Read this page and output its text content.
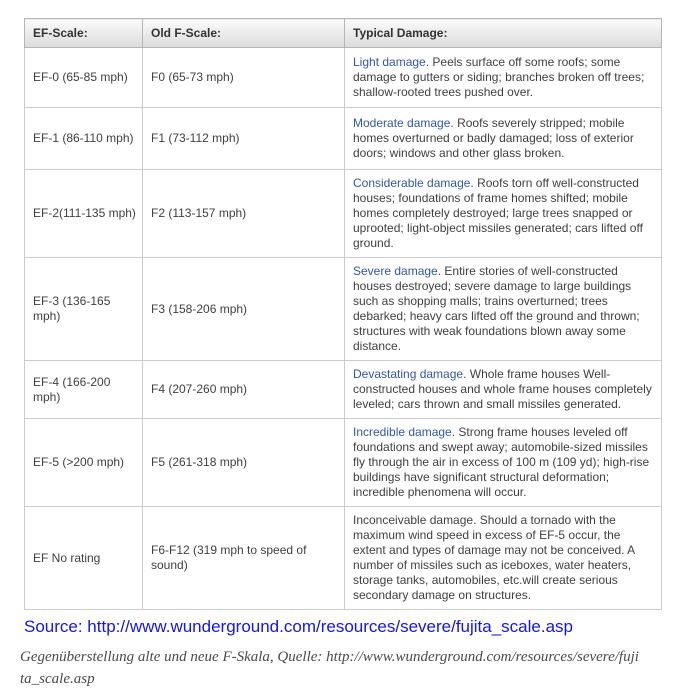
EF-Scale:	Old F-Scale:	Typical Damage:
EF-0 (65-85 mph)	F0 (65-73 mph)	Light damage. Peels surface off some roofs; some damage to gutters or siding; branches broken off trees; shallow-rooted trees pushed over.
EF-1 (86-110 mph)	F1 (73-112 mph)	Moderate damage. Roofs severely stripped; mobile homes overturned or badly damaged; loss of exterior doors; windows and other glass broken.
EF-2(111-135 mph)	F2 (113-157 mph)	Considerable damage. Roofs torn off well-constructed houses; foundations of frame homes shifted; mobile homes completely destroyed; large trees snapped or uprooted; light-object missiles generated; cars lifted off ground.
EF-3 (136-165 mph)	F3 (158-206 mph)	Severe damage. Entire stories of well-constructed houses destroyed; severe damage to large buildings such as shopping malls; trains overturned; trees debarked; heavy cars lifted off the ground and thrown; structures with weak foundations blown away some distance.
EF-4 (166-200 mph)	F4 (207-260 mph)	Devastating damage. Whole frame houses Well-constructed houses and whole frame houses completely leveled; cars thrown and small missiles generated.
EF-5 (>200 mph)	F5 (261-318 mph)	Incredible damage. Strong frame houses leveled off foundations and swept away; automobile-sized missiles fly through the air in excess of 100 m (109 yd); high-rise buildings have significant structural deformation; incredible phenomena will occur.
EF No rating	F6-F12 (319 mph to speed of sound)	Inconceivable damage. Should a tornado with the maximum wind speed in excess of EF-5 occur, the extent and types of damage may not be conceived. A number of missiles such as iceboxes, water heaters, storage tanks, automobiles, etc.will create serious secondary damage on structures.
Source: http://www.wunderground.com/resources/severe/fujita_scale.asp
Gegenüberstellung alte und neue F-Skala, Quelle: http://www.wunderground.com/resources/severe/fujita_scale.asp
